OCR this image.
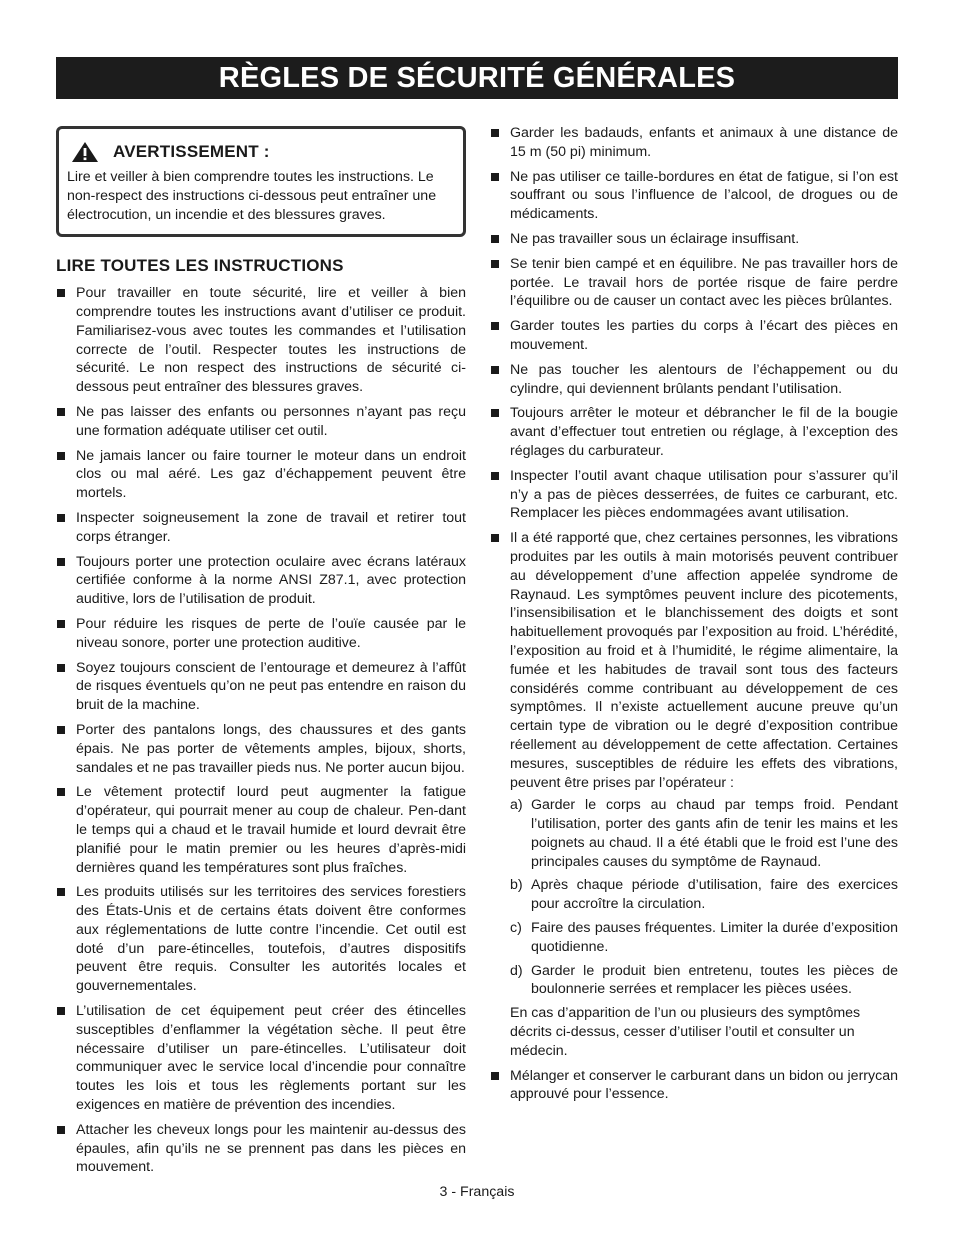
RÈGLES DE SÉCURITÉ GÉNÉRALES
AVERTISSEMENT :
Lire et veiller à bien comprendre toutes les instructions. Le non-respect des instructions ci-dessous peut entraîner une électrocution, un incendie et des blessures graves.
LIRE TOUTES LES INSTRUCTIONS
Pour travailler en toute sécurité, lire et veiller à bien comprendre toutes les instructions avant d’utiliser ce produit. Familiarisez-vous avec toutes les commandes et l’utilisation correcte de l’outil. Respecter toutes les instructions de sécurité. Le non respect des instructions de sécurité ci-dessous peut entraîner des blessures graves.
Ne pas laisser des enfants ou personnes n’ayant pas reçu une formation adéquate utiliser cet outil.
Ne jamais lancer ou faire tourner le moteur dans un endroit clos ou mal aéré. Les gaz d’échappement peuvent être mortels.
Inspecter soigneusement la zone de travail et retirer tout corps étranger.
Toujours porter une protection oculaire avec écrans latéraux certifiée conforme à la norme ANSI Z87.1, avec protection auditive, lors de l’utilisation de produit.
Pour réduire les risques de perte de l’ouïe causée par le niveau sonore, porter une protection auditive.
Soyez toujours conscient de l’entourage et demeurez à l’affût de risques éventuels qu’on ne peut pas entendre en raison du bruit de la machine.
Porter des pantalons longs, des chaussures et des gants épais. Ne pas porter de vêtements amples, bijoux, shorts, sandales et ne pas travailler pieds nus. Ne porter aucun bijou.
Le vêtement protectif lourd peut augmenter la fatigue d’opérateur, qui pourrait mener au coup de chaleur. Pen-dant le temps qui a chaud et le travail humide et lourd devrait être planifié pour le matin premier ou les heures d’après-midi dernières quand les températures sont plus fraîches.
Les produits utilisés sur les territoires des services forestiers des États-Unis et de certains états doivent être conformes aux réglementations de lutte contre l’incendie. Cet outil est doté d’un pare-étincelles, toutefois, d’autres dispositifs peuvent être requis. Consulter les autorités locales et gouvernementales.
L’utilisation de cet équipement peut créer des étincelles susceptibles d’enflammer la végétation sèche. Il peut être nécessaire d’utiliser un pare-étincelles. L’utilisateur doit communiquer avec le service local d’incendie pour connaître toutes les lois et tous les règlements portant sur les exigences en matière de prévention des incendies.
Attacher les cheveux longs pour les maintenir au-dessus des épaules, afin qu’ils ne se prennent pas dans les pièces en mouvement.
Garder les badauds, enfants et animaux à une distance de 15 m (50 pi) minimum.
Ne pas utiliser ce taille-bordures en état de fatigue, si l’on est souffrant ou sous l’influence de l’alcool, de drogues ou de médicaments.
Ne pas travailler sous un éclairage insuffisant.
Se tenir bien campé et en équilibre. Ne pas travailler hors de portée. Le travail hors de portée risque de faire perdre l’équilibre ou de causer un contact avec les pièces brûlantes.
Garder toutes les parties du corps à l’écart des pièces en mouvement.
Ne pas toucher les alentours de l’échappement ou du cylindre, qui deviennent brûlants pendant l’utilisation.
Toujours arrêter le moteur et débrancher le fil de la bougie avant d’effectuer tout entretien ou réglage, à l’exception des réglages du carburateur.
Inspecter l’outil avant chaque utilisation pour s’assurer qu’il n’y a pas de pièces desserrées, de fuites ce carburant, etc. Remplacer les pièces endommagées avant utilisation.
Il a été rapporté que, chez certaines personnes, les vibrations produites par les outils à main motorisés peuvent contribuer au développement d’une affection appelée syndrome de Raynaud. Les symptômes peuvent inclure des picotements, l’insensibilisation et le blanchissement des doigts et sont habituellement provoqués par l’exposition au froid. L’hérédité, l’exposition au froid et à l’humidité, le régime alimentaire, la fumée et les habitudes de travail sont tous des facteurs considérés comme contribuant au développement de ces symptômes. Il n’existe actuellement aucune preuve qu’un certain type de vibration ou le degré d’exposition contribue réellement au développement de cette affectation. Certaines mesures, susceptibles de réduire les effets des vibrations, peuvent être prises par l’opérateur :
a) Garder le corps au chaud par temps froid. Pendant l’utilisation, porter des gants afin de tenir les mains et les poignets au chaud. Il a été établi que le froid est l’une des principales causes du symptôme de Raynaud.
b) Après chaque période d’utilisation, faire des exercices pour accroître la circulation.
c) Faire des pauses fréquentes. Limiter la durée d’exposition quotidienne.
d) Garder le produit bien entretenu, toutes les pièces de boulonnerie serrées et remplacer les pièces usées.
En cas d’apparition de l’un ou plusieurs des symptômes décrits ci-dessus, cesser d’utiliser l’outil et consulter un médecin.
Mélanger et conserver le carburant dans un bidon ou jerrycan approuvé pour l’essence.
3 - Français
